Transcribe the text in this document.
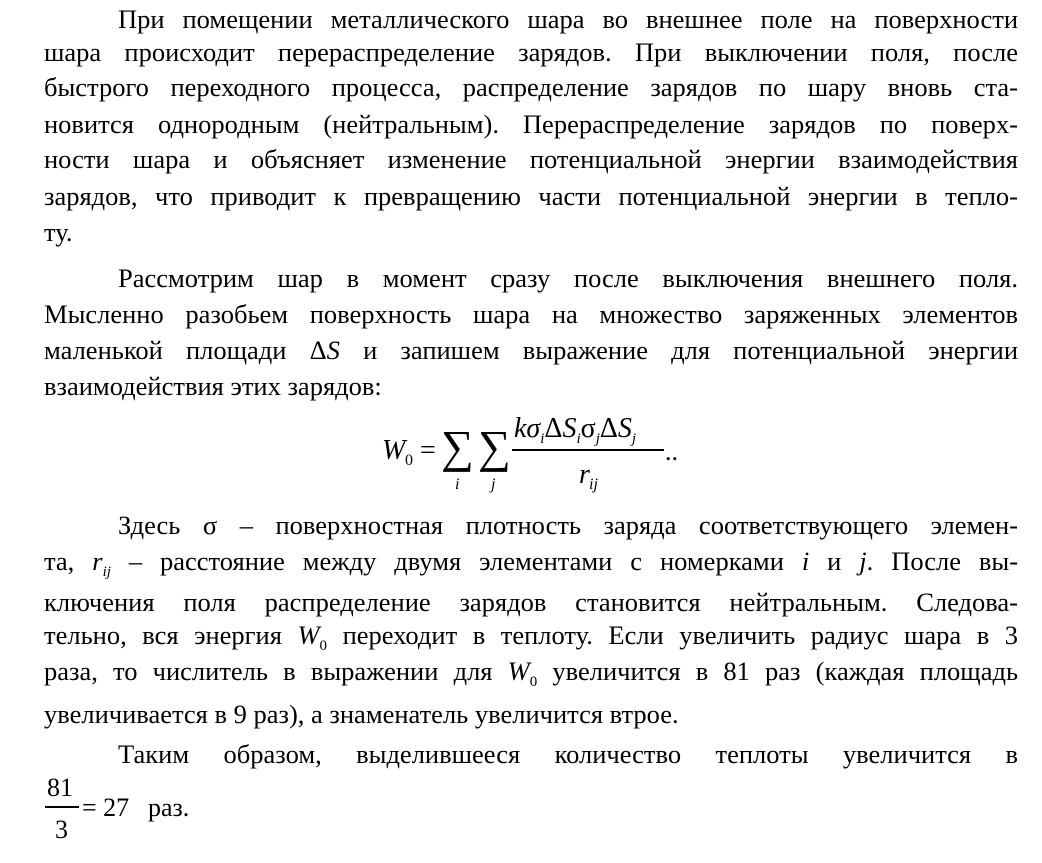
При помещении металлического шара во внешнее поле на поверхности
шара происходит перераспределение зарядов. При выключении поля, после
быстрого переходного процесса, распределение зарядов по шару вновь ста-
новится однородным (нейтральным). Перераспределение зарядов по поверх-
ности шара и объясняет изменение потенциальной энергии взаимодействия
зарядов, что приводит к превращению части потенциальной энергии в тепло-
ту.
Рассмотрим шар в момент сразу после выключения внешнего поля.
Мысленно разобьем поверхность шара на множество заряженных элементов
маленькой площади ΔS и запишем выражение для потенциальной энергии
взаимодействия этих зарядов:
W 0 = ∑
i
∑
j
$k\sigma_i\Delta S_i\sigma_j\Delta S_j$
r ij
..
Здесь σ – поверхностная плотность заряда соответствующего элемен-
та, $r_{ij}$ – расстояние между двумя элементами с номерками i и j. После вы-
ключения поля распределение зарядов становится нейтральным. Следова-
тельно, вся энергия $W_0$ переходит в теплоту. Если увеличить радиус шара в 3
раза, то числитель в выражении для $W_0$ увеличится в 81 раз (каждая площадь
увеличивается в 9 раз), а знаменатель увеличится втрое.
Таким образом, выделившееся количество теплоты увеличится в
81
3
= 27 раз.
